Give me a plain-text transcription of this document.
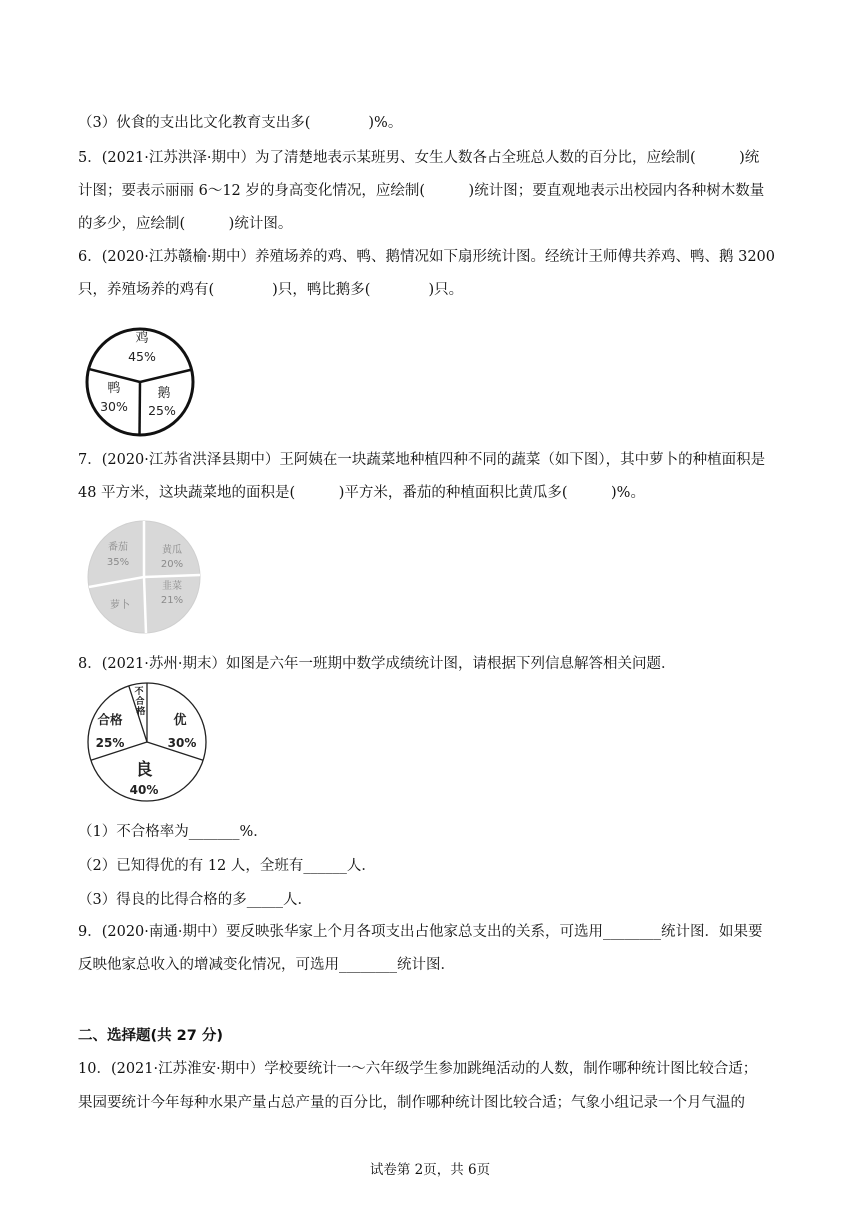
（3）伙食的支出比文化教育支出多(　　　　)%。
5．(2021·江苏洪泽·期中）为了清楚地表示某班男、女生人数各占全班总人数的百分比，应绘制(　　　)统
计图；要表示丽丽 6～12 岁的身高变化情况，应绘制(　　　)统计图；要直观地表示出校园内各种树木数量
的多少，应绘制(　　　)统计图。
6．(2020·江苏赣榆·期中）养殖场养的鸡、鸭、鹅情况如下扇形统计图。经统计王师傅共养鸡、鸭、鹅 3200
只，养殖场养的鸡有(　　　　)只，鸭比鹅多(　　　　)只。
鸡
45%
鹅
25%
鸭
30%
7．(2020·江苏省洪泽县期中）王阿姨在一块蔬菜地种植四种不同的蔬菜（如下图），其中萝卜的种植面积是
48 平方米，这块蔬菜地的面积是(　　　)平方米，番茄的种植面积比黄瓜多(　　　)%。
番茄
35%
黄瓜
20%
韭菜
21%
萝卜
8．(2021·苏州·期末）如图是六年一班期中数学成绩统计图，请根据下列信息解答相关问题．
不
合
格
优
30%
良
40%
合格
25%
（1）不合格率为_______%．
（2）已知得优的有 12 人，全班有______人．
（3）得良的比得合格的多_____人．
9．(2020·南通·期中）要反映张华家上个月各项支出占他家总支出的关系，可选用________统计图．如果要
反映他家总收入的增减变化情况，可选用________统计图．
二、选择题(共 27 分)
10．(2021·江苏淮安·期中）学校要统计一～六年级学生参加跳绳活动的人数，制作哪种统计图比较合适；
果园要统计今年每种水果产量占总产量的百分比，制作哪种统计图比较合适；气象小组记录一个月气温的
试卷第 2页，共 6页
